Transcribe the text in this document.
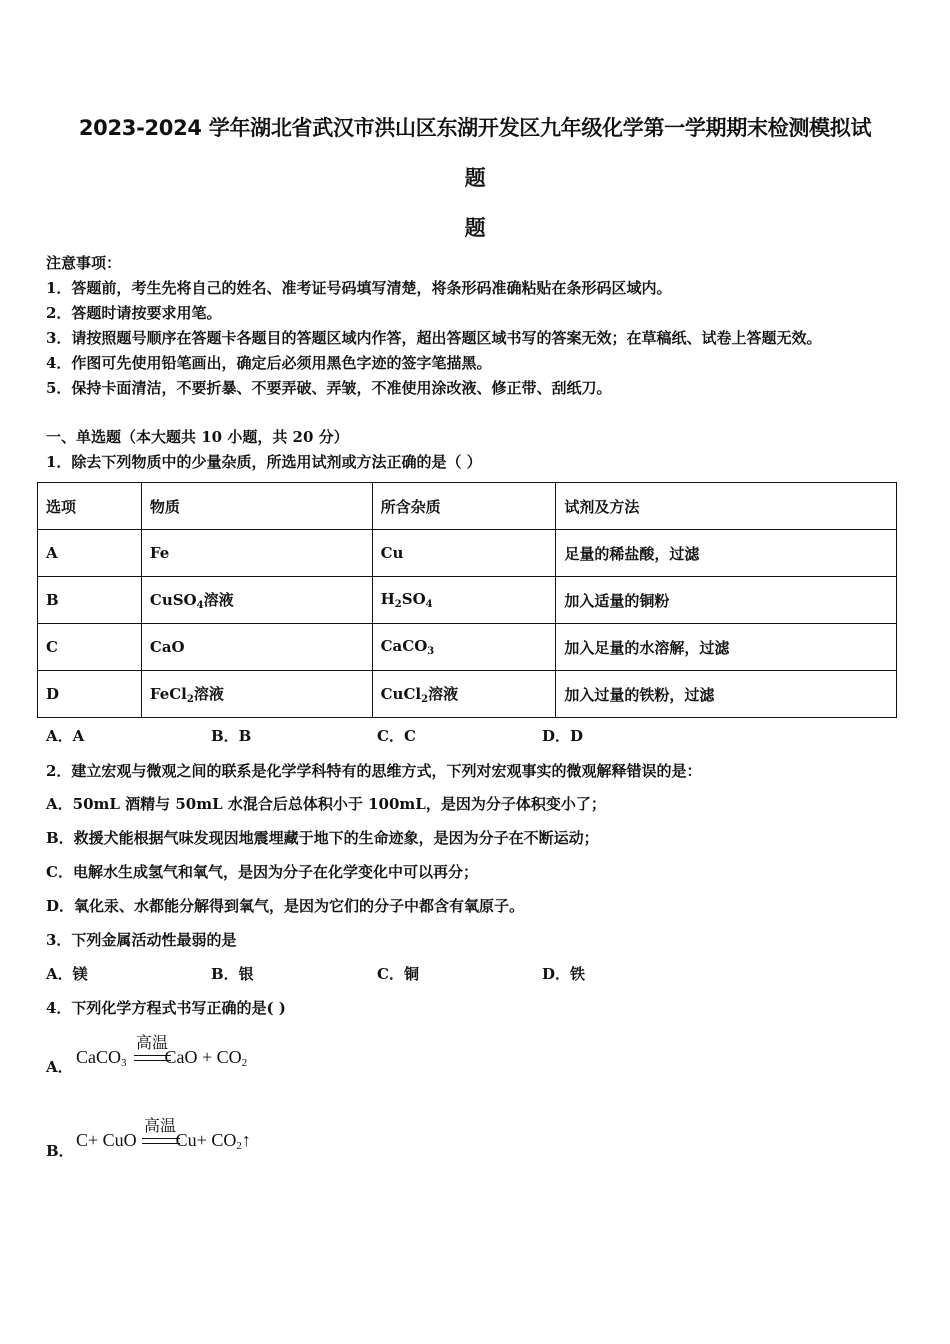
2023-2024 学年湖北省武汉市洪山区东湖开发区九年级化学第一学期期末检测模拟试
题
题
注意事项：
1．答题前，考生先将自己的姓名、准考证号码填写清楚，将条形码准确粘贴在条形码区域内。
2．答题时请按要求用笔。
3．请按照题号顺序在答题卡各题目的答题区域内作答，超出答题区域书写的答案无效；在草稿纸、试卷上答题无效。
4．作图可先使用铅笔画出，确定后必须用黑色字迹的签字笔描黑。
5．保持卡面清洁，不要折暴、不要弄破、弄皱，不准使用涂改液、修正带、刮纸刀。
一、单选题（本大题共 10 小题，共 20 分）
1．除去下列物质中的少量杂质，所选用试剂或方法正确的是（ ）
选项	物质	所含杂质	试剂及方法
A	Fe	Cu	足量的稀盐酸，过滤
B	CuSO$_4$溶液	$H_2SO_4$	加入适量的铜粉
C	CaO	CaCO$_3$	加入足量的水溶解，过滤
D	FeCl$_2$溶液	CuCl$_2$溶液	加入过量的铁粉，过滤
A．A	B．B	C．C	D．D
2．建立宏观与微观之间的联系是化学学科特有的思维方式，下列对宏观事实的微观解释错误的是：
A．50mL 酒精与 50mL 水混合后总体积小于 100mL，是因为分子体积变小了；
B．救援犬能根据气味发现因地震埋藏于地下的生命迹象，是因为分子在不断运动；
C．电解水生成氢气和氧气，是因为分子在化学变化中可以再分；
D．氧化汞、水都能分解得到氧气，是因为它们的分子中都含有氧原子。
3．下列金属活动性最弱的是
A．镁	B．银	C．铜	D．铁
4．下列化学方程式书写正确的是( )
A． CaCO$_3$ CaO + $CO_2$
高温
B．
C+ CuO $Cu+ CO_2↑$
高温
